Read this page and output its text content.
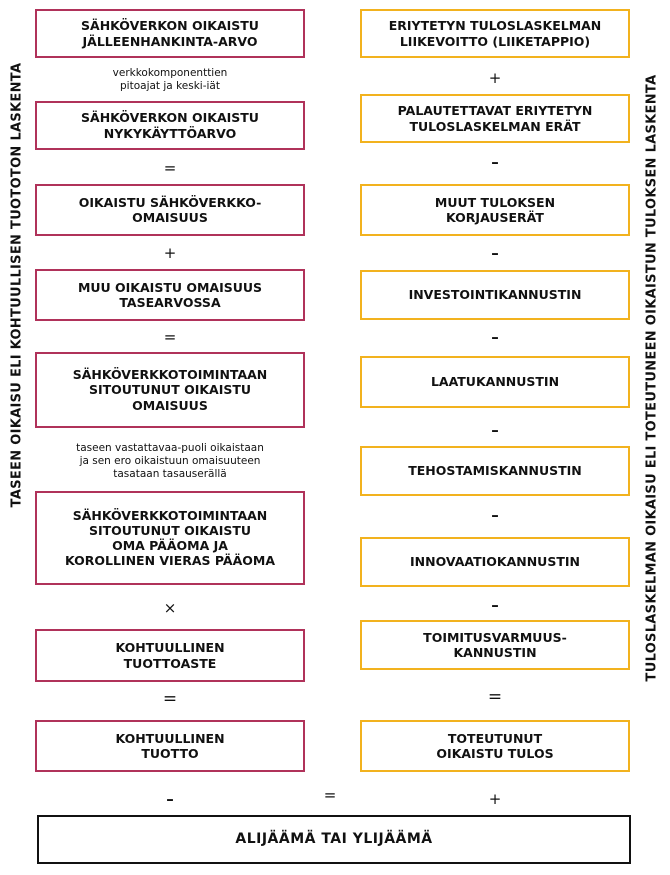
TASEEN OIKAISU ELI KOHTUULLISEN TUOTOTON LASKENTA	TULOSLASKELMAN OIKAISU ELI TOTEUTUNEEN OIKAISTUN TULOKSEN LASKENTA
SÄHKÖVERKON OIKAISTU
JÄLLEENHANKINTA-ARVO
verkkokomponenttien
pitoajat ja keski-iät
SÄHKÖVERKON OIKAISTU
NYKYKÄYTTÖARVO
=
OIKAISTU SÄHKÖVERKKO-
OMAISUUS
+
MUU OIKAISTU OMAISUUS
TASEARVOSSA
=
SÄHKÖVERKKOTOIMINTAAN
SITOUTUNUT OIKAISTU
OMAISUUS
taseen vastattavaa-puoli oikaistaan
ja sen ero oikaistuun omaisuuteen
tasataan tasauserällä
SÄHKÖVERKKOTOIMINTAAN
SITOUTUNUT OIKAISTU
OMA PÄÄOMA JA
KOROLLINEN VIERAS PÄÄOMA
×
KOHTUULLINEN
TUOTTOASTE
=
KOHTUULLINEN
TUOTTO
ERIYTETYN TULOSLASKELMAN
LIIKEVOITTO (LIIKETAPPIO)
+
PALAUTETTAVAT ERIYTETYN
TULOSLASKELMAN ERÄT
–
MUUT TULOKSEN
KORJAUSERÄT
–
INVESTOINTIKANNUSTIN
–
LAATUKANNUSTIN
–
TEHOSTAMISKANNUSTIN
–
INNOVAATIOKANNUSTIN
–
TOIMITUSVARMUUS-
KANNUSTIN
=
TOTEUTUNUT
OIKAISTU TULOS
–	=	+
ALIJÄÄMÄ TAI YLIJÄÄMÄ
